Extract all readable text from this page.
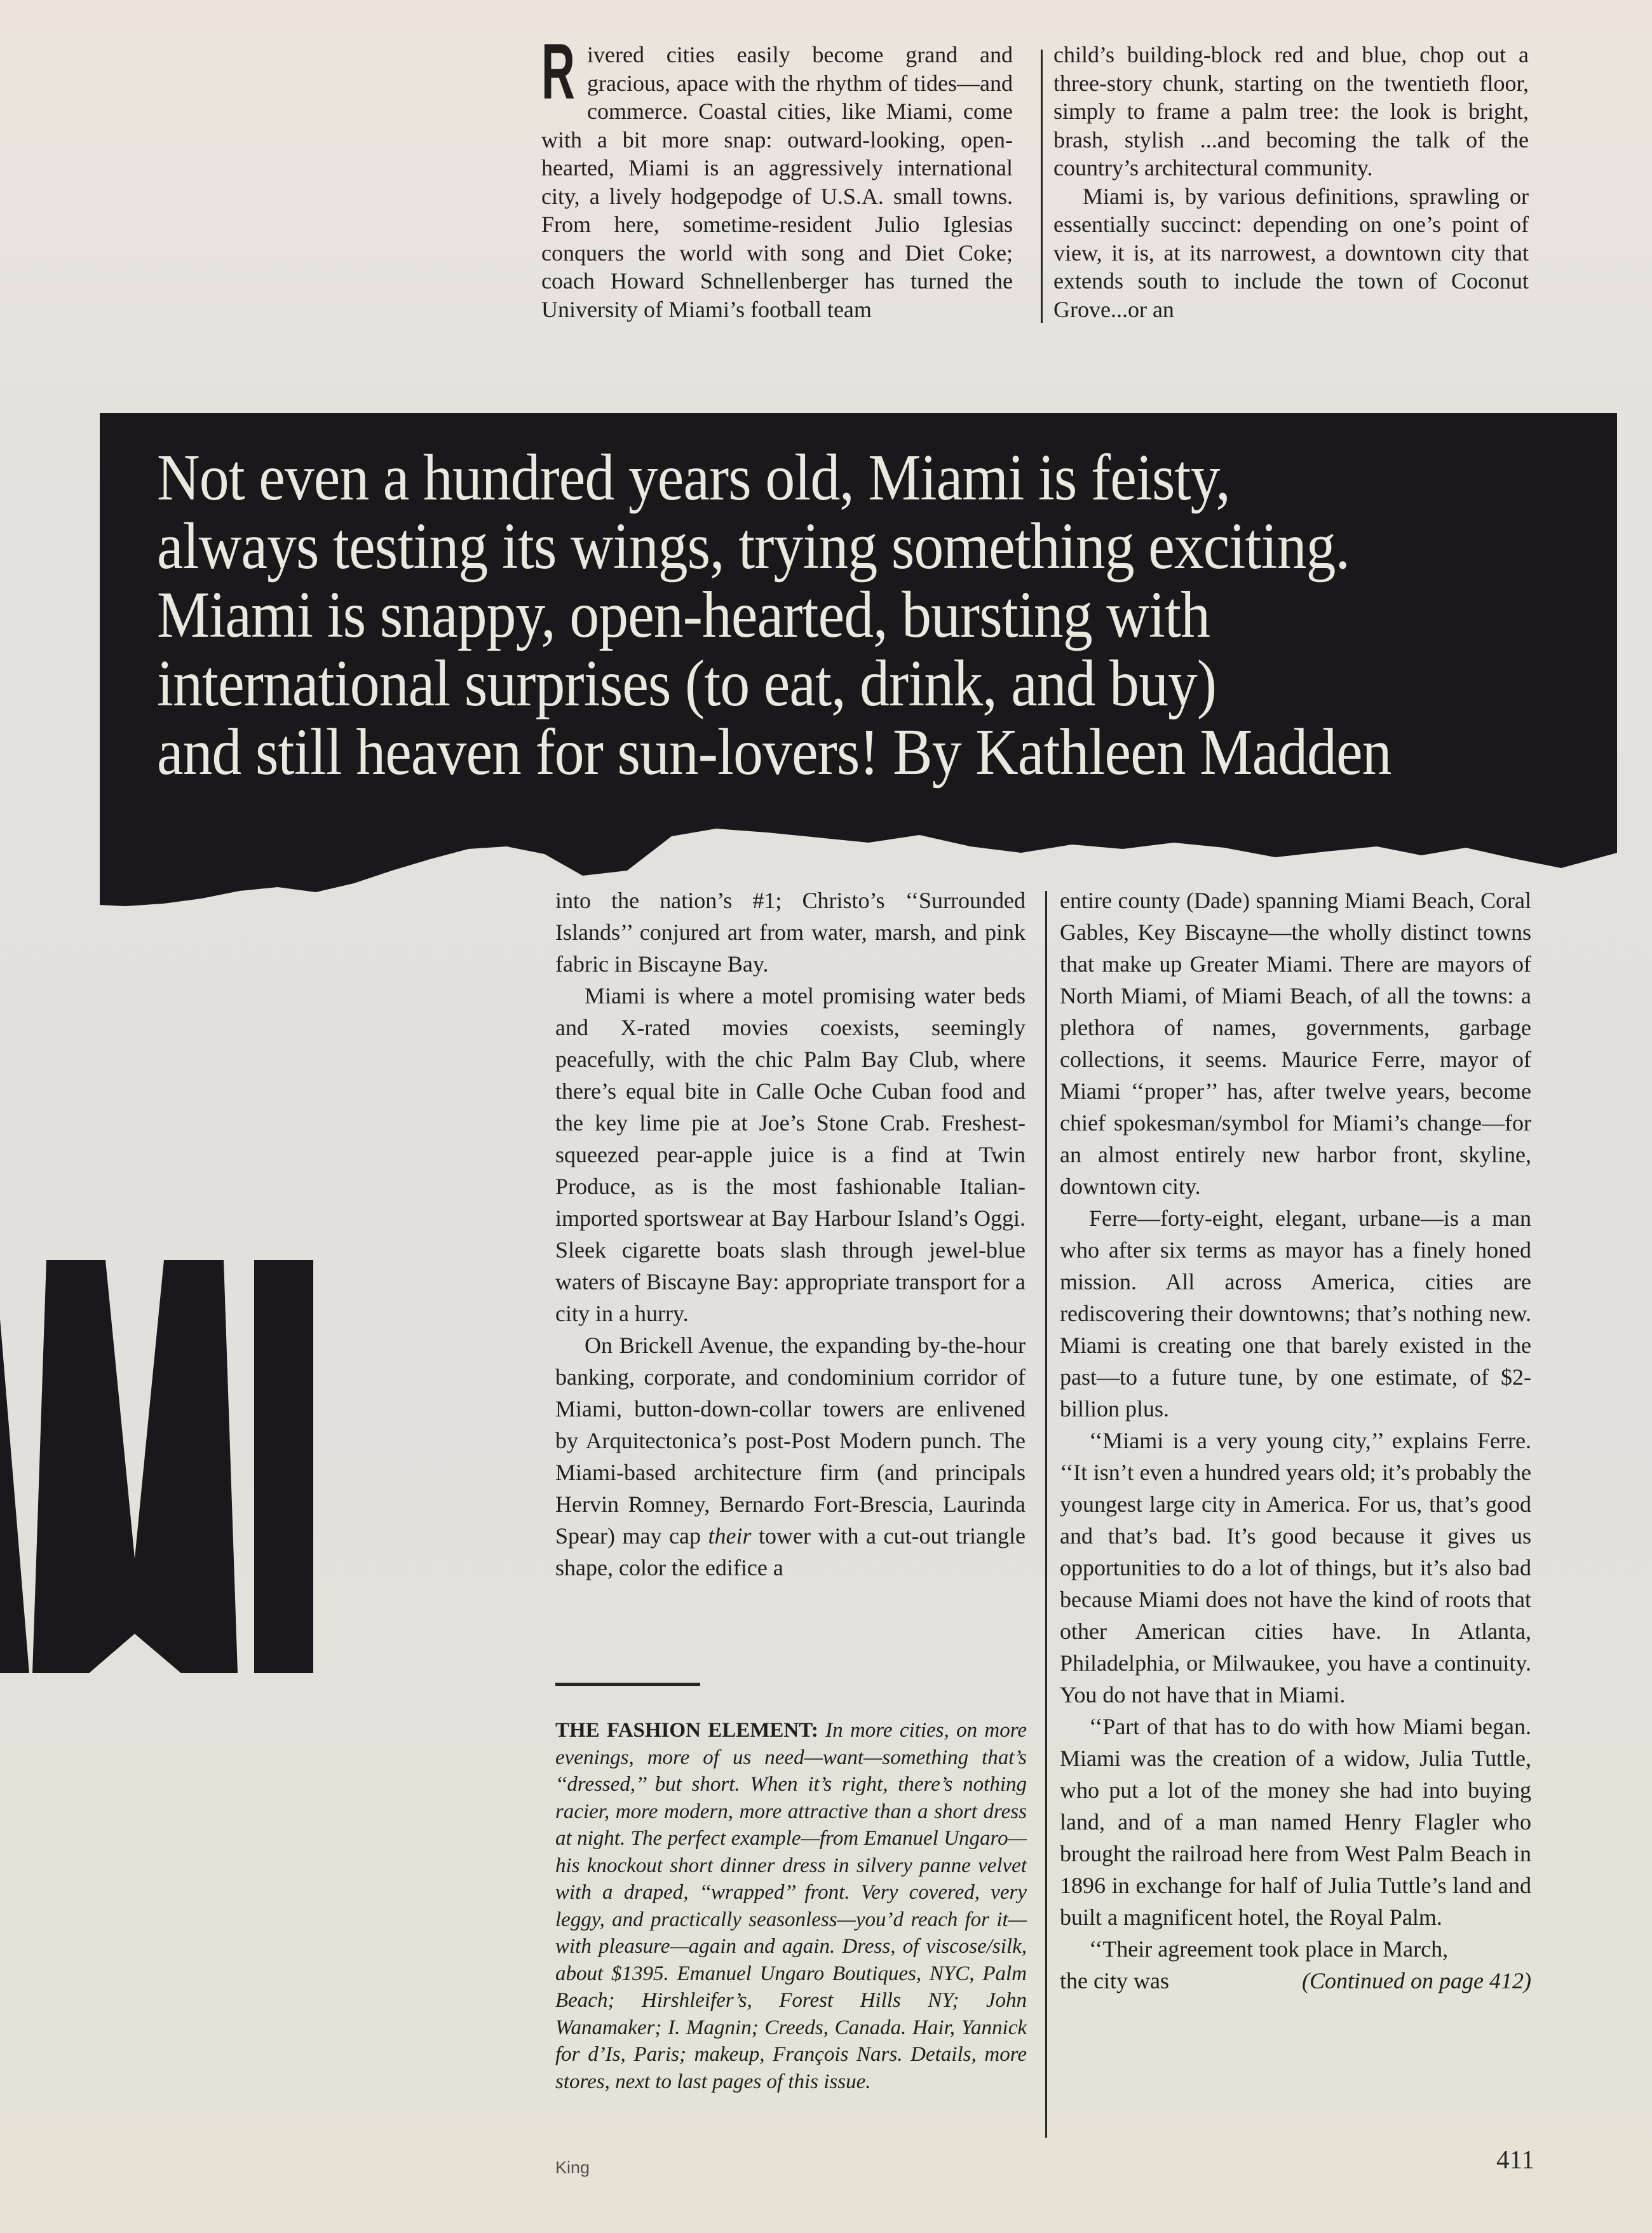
R ivered cities easily become grand and gracious, apace with the rhythm of tides—and commerce. Coastal cities, like Miami, come with a bit more snap: outward-looking, open-hearted, Miami is an aggressively international city, a lively hodgepodge of U.S.A. small towns. From here, sometime-resident Julio Iglesias conquers the world with song and Diet Coke; coach Howard Schnellenberger has turned the University of Miami’s football team

child’s building-block red and blue, chop out a three-story chunk, starting on the twentieth floor, simply to frame a palm tree: the look is bright, brash, stylish ...and becoming the talk of the country’s architectural community.

Miami is, by various definitions, sprawling or essentially succinct: depending on one’s point of view, it is, at its narrowest, a downtown city that extends south to include the town of Coconut Grove...or an

Not even a hundred years old, Miami is feisty,
always testing its wings, trying something exciting.
Miami is snappy, open-hearted, bursting with
international surprises (to eat, drink, and buy)
and still heaven for sun-lovers! By Kathleen Madden

into the nation’s #1; Christo’s ‘‘Surrounded Islands’’ conjured art from water, marsh, and pink fabric in Biscayne Bay.

Miami is where a motel promising water beds and X-rated movies coexists, seemingly peacefully, with the chic Palm Bay Club, where there’s equal bite in Calle Oche Cuban food and the key lime pie at Joe’s Stone Crab. Freshest-squeezed pear-apple juice is a find at Twin Produce, as is the most fashionable Italian-imported sportswear at Bay Harbour Island’s Oggi. Sleek cigarette boats slash through jewel-blue waters of Biscayne Bay: appropriate transport for a city in a hurry.

On Brickell Avenue, the expanding by-the-hour banking, corporate, and condominium corridor of Miami, button-down-collar towers are enlivened by Arquitectonica’s post-Post Modern punch. The Miami-based architecture firm (and principals Hervin Romney, Bernardo Fort-Brescia, Laurinda Spear) may cap their tower with a cut-out triangle shape, color the edifice a

entire county (Dade) spanning Miami Beach, Coral Gables, Key Biscayne—the wholly distinct towns that make up Greater Miami. There are mayors of North Miami, of Miami Beach, of all the towns: a plethora of names, governments, garbage collections, it seems. Maurice Ferre, mayor of Miami ‘‘proper’’ has, after twelve years, become chief spokesman/symbol for Miami’s change—for an almost entirely new harbor front, skyline, downtown city.

Ferre—forty-eight, elegant, urbane—is a man who after six terms as mayor has a finely honed mission. All across America, cities are rediscovering their downtowns; that’s nothing new. Miami is creating one that barely existed in the past—to a future tune, by one estimate, of $2-billion plus.

‘‘Miami is a very young city,’’ explains Ferre. ‘‘It isn’t even a hundred years old; it’s probably the youngest large city in America. For us, that’s good and that’s bad. It’s good because it gives us opportunities to do a lot of things, but it’s also bad because Miami does not have the kind of roots that other American cities have. In Atlanta, Philadelphia, or Milwaukee, you have a continuity. You do not have that in Miami.

‘‘Part of that has to do with how Miami began. Miami was the creation of a widow, Julia Tuttle, who put a lot of the money she had into buying land, and of a man named Henry Flagler who brought the railroad here from West Palm Beach in 1896 in exchange for half of Julia Tuttle’s land and built a magnificent hotel, the Royal Palm.

‘‘Their agreement took place in March,

the city was	(Continued on page 412)

THE FASHION ELEMENT: In more cities, on more evenings, more of us need—want—something that’s ‘‘dressed,’’ but short. When it’s right, there’s nothing racier, more modern, more attractive than a short dress at night. The perfect example—from Emanuel Ungaro—his knockout short dinner dress in silvery panne velvet with a draped, ‘‘wrapped’’ front. Very covered, very leggy, and practically seasonless—you’d reach for it—with pleasure—again and again. Dress, of viscose/silk, about $1395. Emanuel Ungaro Boutiques, NYC, Palm Beach; Hirshleifer’s, Forest Hills NY; John Wanamaker; I. Magnin; Creeds, Canada. Hair, Yannick for d’Is, Paris; makeup, François Nars. Details, more stores, next to last pages of this issue.
King	411
